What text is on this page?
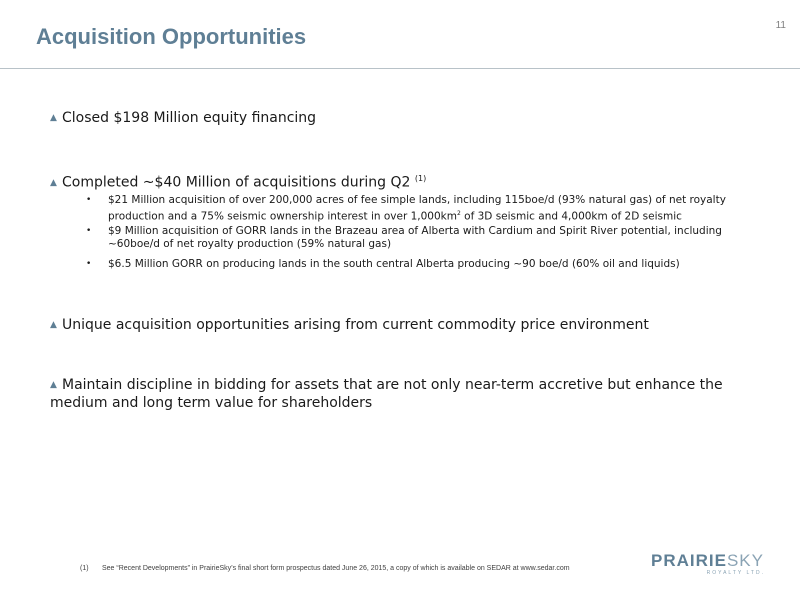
Acquisition Opportunities	11
▲ Closed $198 Million equity financing
▲ Completed ~$40 Million of acquisitions during Q2 $^{(1)}$
•	$21 Million acquisition of over 200,000 acres of fee simple lands, including 115boe/d (93% natural gas) of net royalty production and a 75% seismic ownership interest in over $1,000km^2$ of 3D seismic and 4,000km of 2D seismic
•	$9 Million acquisition of GORR lands in the Brazeau area of Alberta with Cardium and Spirit River potential, including ~60boe/d of net royalty production (59% natural gas)
•	$6.5 Million GORR on producing lands in the south central Alberta producing ~90 boe/d (60% oil and liquids)
▲ Unique acquisition opportunities arising from current commodity price environment
▲ Maintain discipline in bidding for assets that are not only near-term accretive but enhance the medium and long term value for shareholders
(1) See “Recent Developments” in PrairieSky’s final short form prospectus dated June 26, 2015, a copy of which is available on SEDAR at www.sedar.com	PRAIRIESKY
ROYALTY LTD.
